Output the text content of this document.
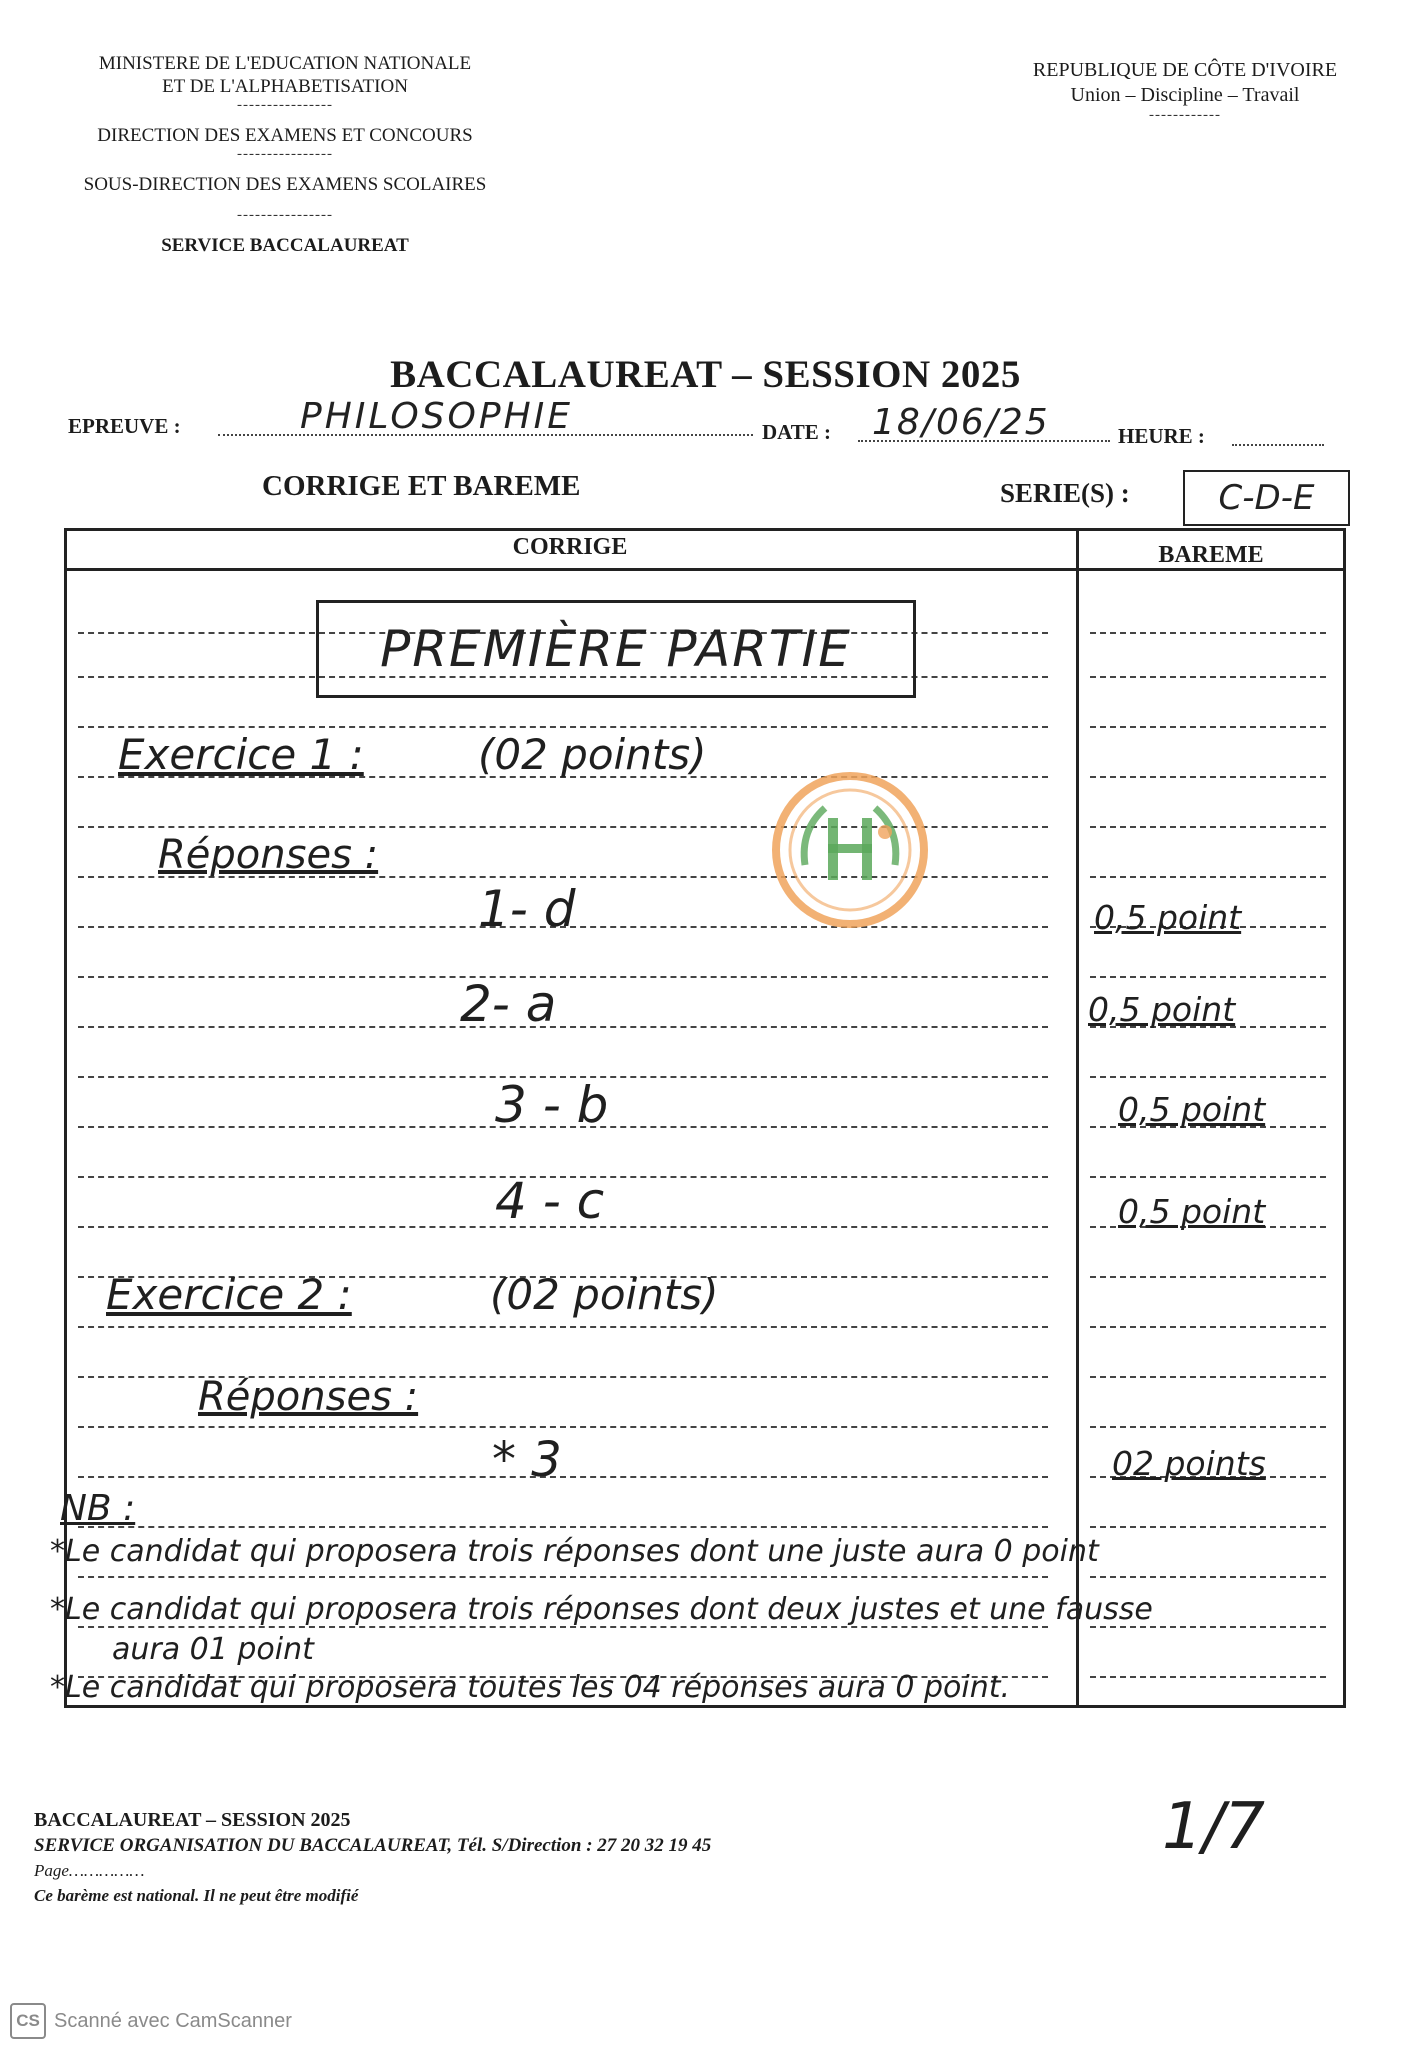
MINISTERE DE L'EDUCATION NATIONALE
ET DE L'ALPHABETISATION
----------------
DIRECTION DES EXAMENS ET CONCOURS
----------------
SOUS-DIRECTION DES EXAMENS SCOLAIRES
----------------
SERVICE BACCALAUREAT
REPUBLIQUE DE CÔTE D'IVOIRE
Union – Discipline – Travail
------------
BACCALAUREAT – SESSION 2025
EPREUVE :	PHILOSOPHIE	DATE : 18/06/25	HEURE :
CORRIGE ET BAREME	SERIE(S) :	C-D-E
CORRIGE	BAREME
PREMIÈRE PARTIE
Exercice 1 :	(02 points)
Réponses :
1- d	0,5 point
2- a	0,5 point
3 - b	0,5 point
4 - c	0,5 point
Exercice 2 :	(02 points)
Réponses :
* 3	02 points
NB :
*Le candidat qui proposera trois réponses dont une juste aura 0 point
*Le candidat qui proposera trois réponses dont deux justes et une fausse
aura 01 point
*Le candidat qui proposera toutes les 04 réponses aura 0 point.
BACCALAUREAT – SESSION 2025
SERVICE ORGANISATION DU BACCALAUREAT, Tél. S/Direction : 27 20 32 19 45
Page……………
Ce barème est national. Il ne peut être modifié
1/7
CS Scanné avec CamScanner
